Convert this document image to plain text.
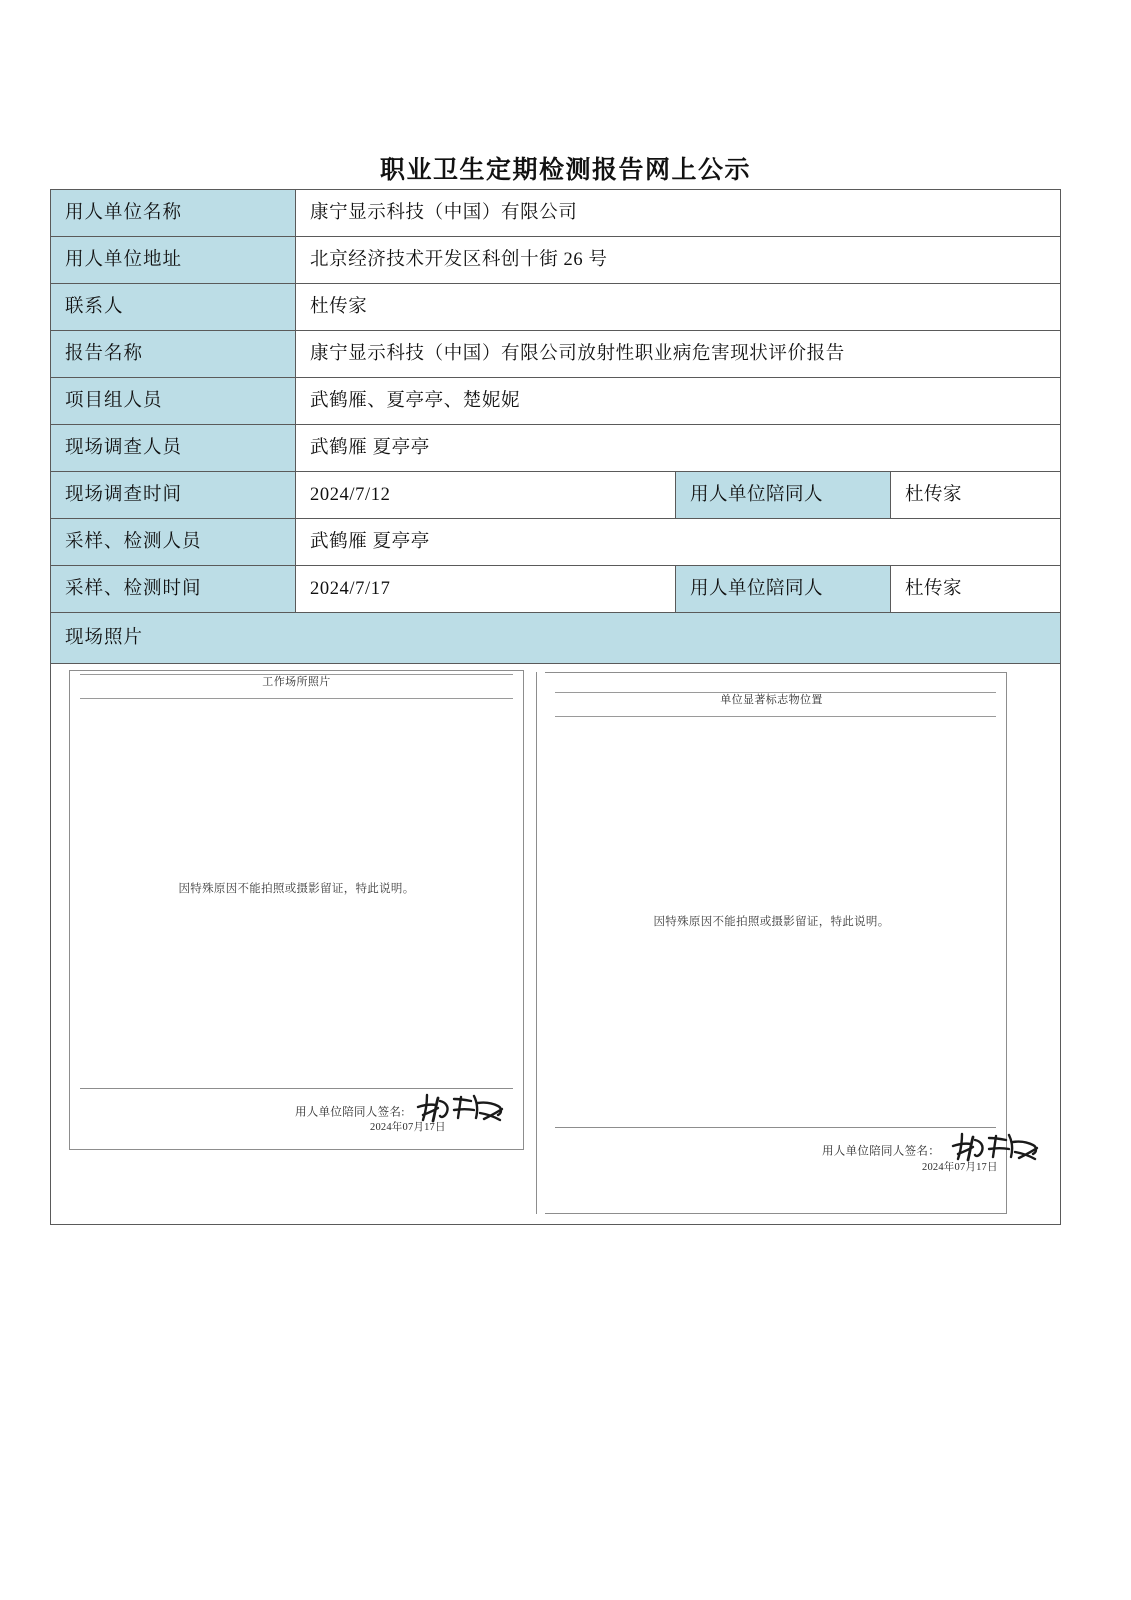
职业卫生定期检测报告网上公示
用人单位名称	康宁显示科技（中国）有限公司		
用人单位地址	北京经济技术开发区科创十街 26 号		
联系人	杜传家		
报告名称	康宁显示科技（中国）有限公司放射性职业病危害现状评价报告		
项目组人员	武鹤雁、夏亭亭、楚妮妮		
现场调查人员	武鹤雁 夏亭亭		
现场调查时间	2024/7/12	用人单位陪同人	杜传家
采样、检测人员	武鹤雁 夏亭亭		
采样、检测时间	2024/7/17	用人单位陪同人	杜传家
现场照片			

工作场所照片
因特殊原因不能拍照或摄影留证，特此说明。
用人单位陪同人签名:
2024年07月17日
单位显著标志物位置
因特殊原因不能拍照或摄影留证，特此说明。
用人单位陪同人签名：
2024年07月17日
